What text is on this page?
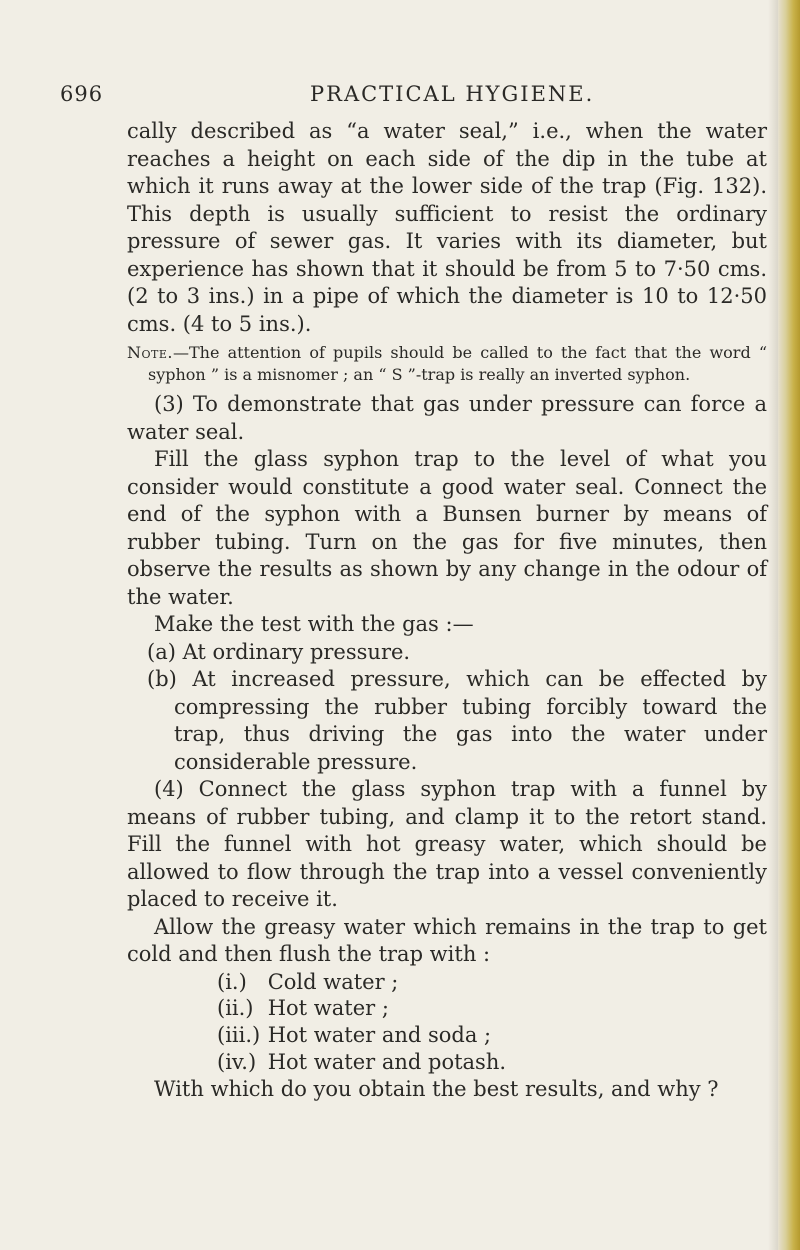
696	PRACTICAL HYGIENE.

cally described as “a water seal,” i.e., when the water reaches a height on each side of the dip in the tube at which it runs away at the lower side of the trap (Fig. 132). This depth is usually sufficient to resist the ordinary pressure of sewer gas. It varies with its diameter, but experience has shown that it should be from 5 to 7·50 cms. (2 to 3 ins.) in a pipe of which the diameter is 10 to 12·50 cms. (4 to 5 ins.).

Note.—The attention of pupils should be called to the fact that the word “ syphon ” is a misnomer ; an “ S ”-trap is really an inverted syphon.

(3) To demonstrate that gas under pressure can force a water seal.

Fill the glass syphon trap to the level of what you consider would constitute a good water seal. Connect the end of the syphon with a Bunsen burner by means of rubber tubing. Turn on the gas for five minutes, then observe the results as shown by any change in the odour of the water.

Make the test with the gas :—

(a) At ordinary pressure.

(b) At increased pressure, which can be effected by compressing the rubber tubing forcibly toward the trap, thus driving the gas into the water under considerable pressure.

(4) Connect the glass syphon trap with a funnel by means of rubber tubing, and clamp it to the retort stand. Fill the funnel with hot greasy water, which should be allowed to flow through the trap into a vessel conveniently placed to receive it.

Allow the greasy water which remains in the trap to get cold and then flush the trap with :

(i.) Cold water ;
(ii.) Hot water ;
(iii.) Hot water and soda ;
(iv.) Hot water and potash.

With which do you obtain the best results, and why ?
